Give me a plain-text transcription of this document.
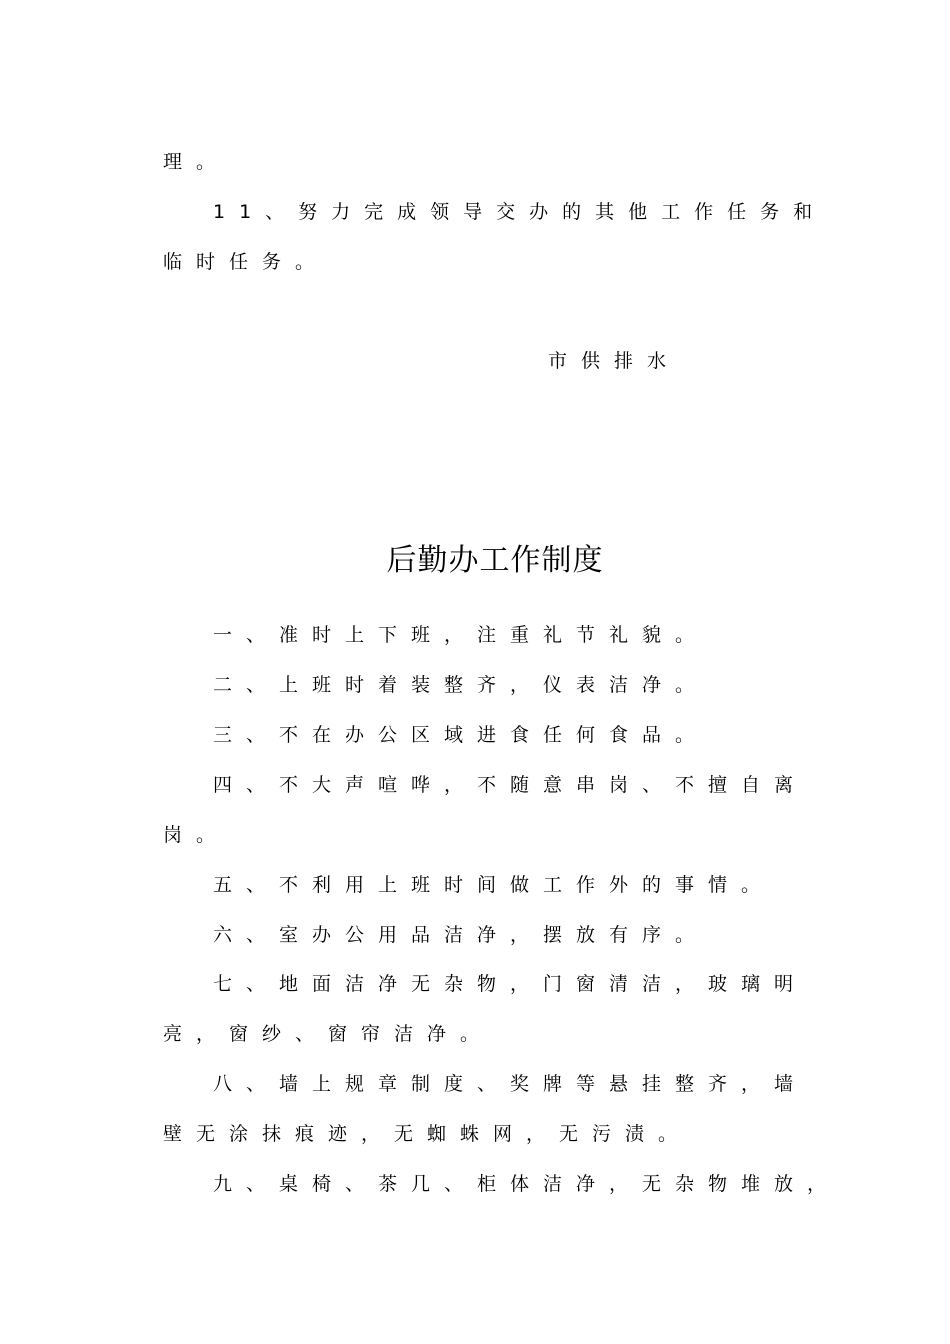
理。
11、努力完成领导交办的其他工作任务和
临时任务。
市供排水
后勤办工作制度
一、准时上下班，注重礼节礼貌。
二、上班时着装整齐，仪表洁净。
三、不在办公区域进食任何食品。
四、不大声喧哗，不随意串岗、不擅自离
岗。
五、不利用上班时间做工作外的事情。
六、室办公用品洁净，摆放有序。
七、地面洁净无杂物，门窗清洁，玻璃明
亮，窗纱、窗帘洁净。
八、墙上规章制度、奖牌等悬挂整齐，墙
壁无涂抹痕迹，无蜘蛛网，无污渍。
九、桌椅、茶几、柜体洁净，无杂物堆放，
